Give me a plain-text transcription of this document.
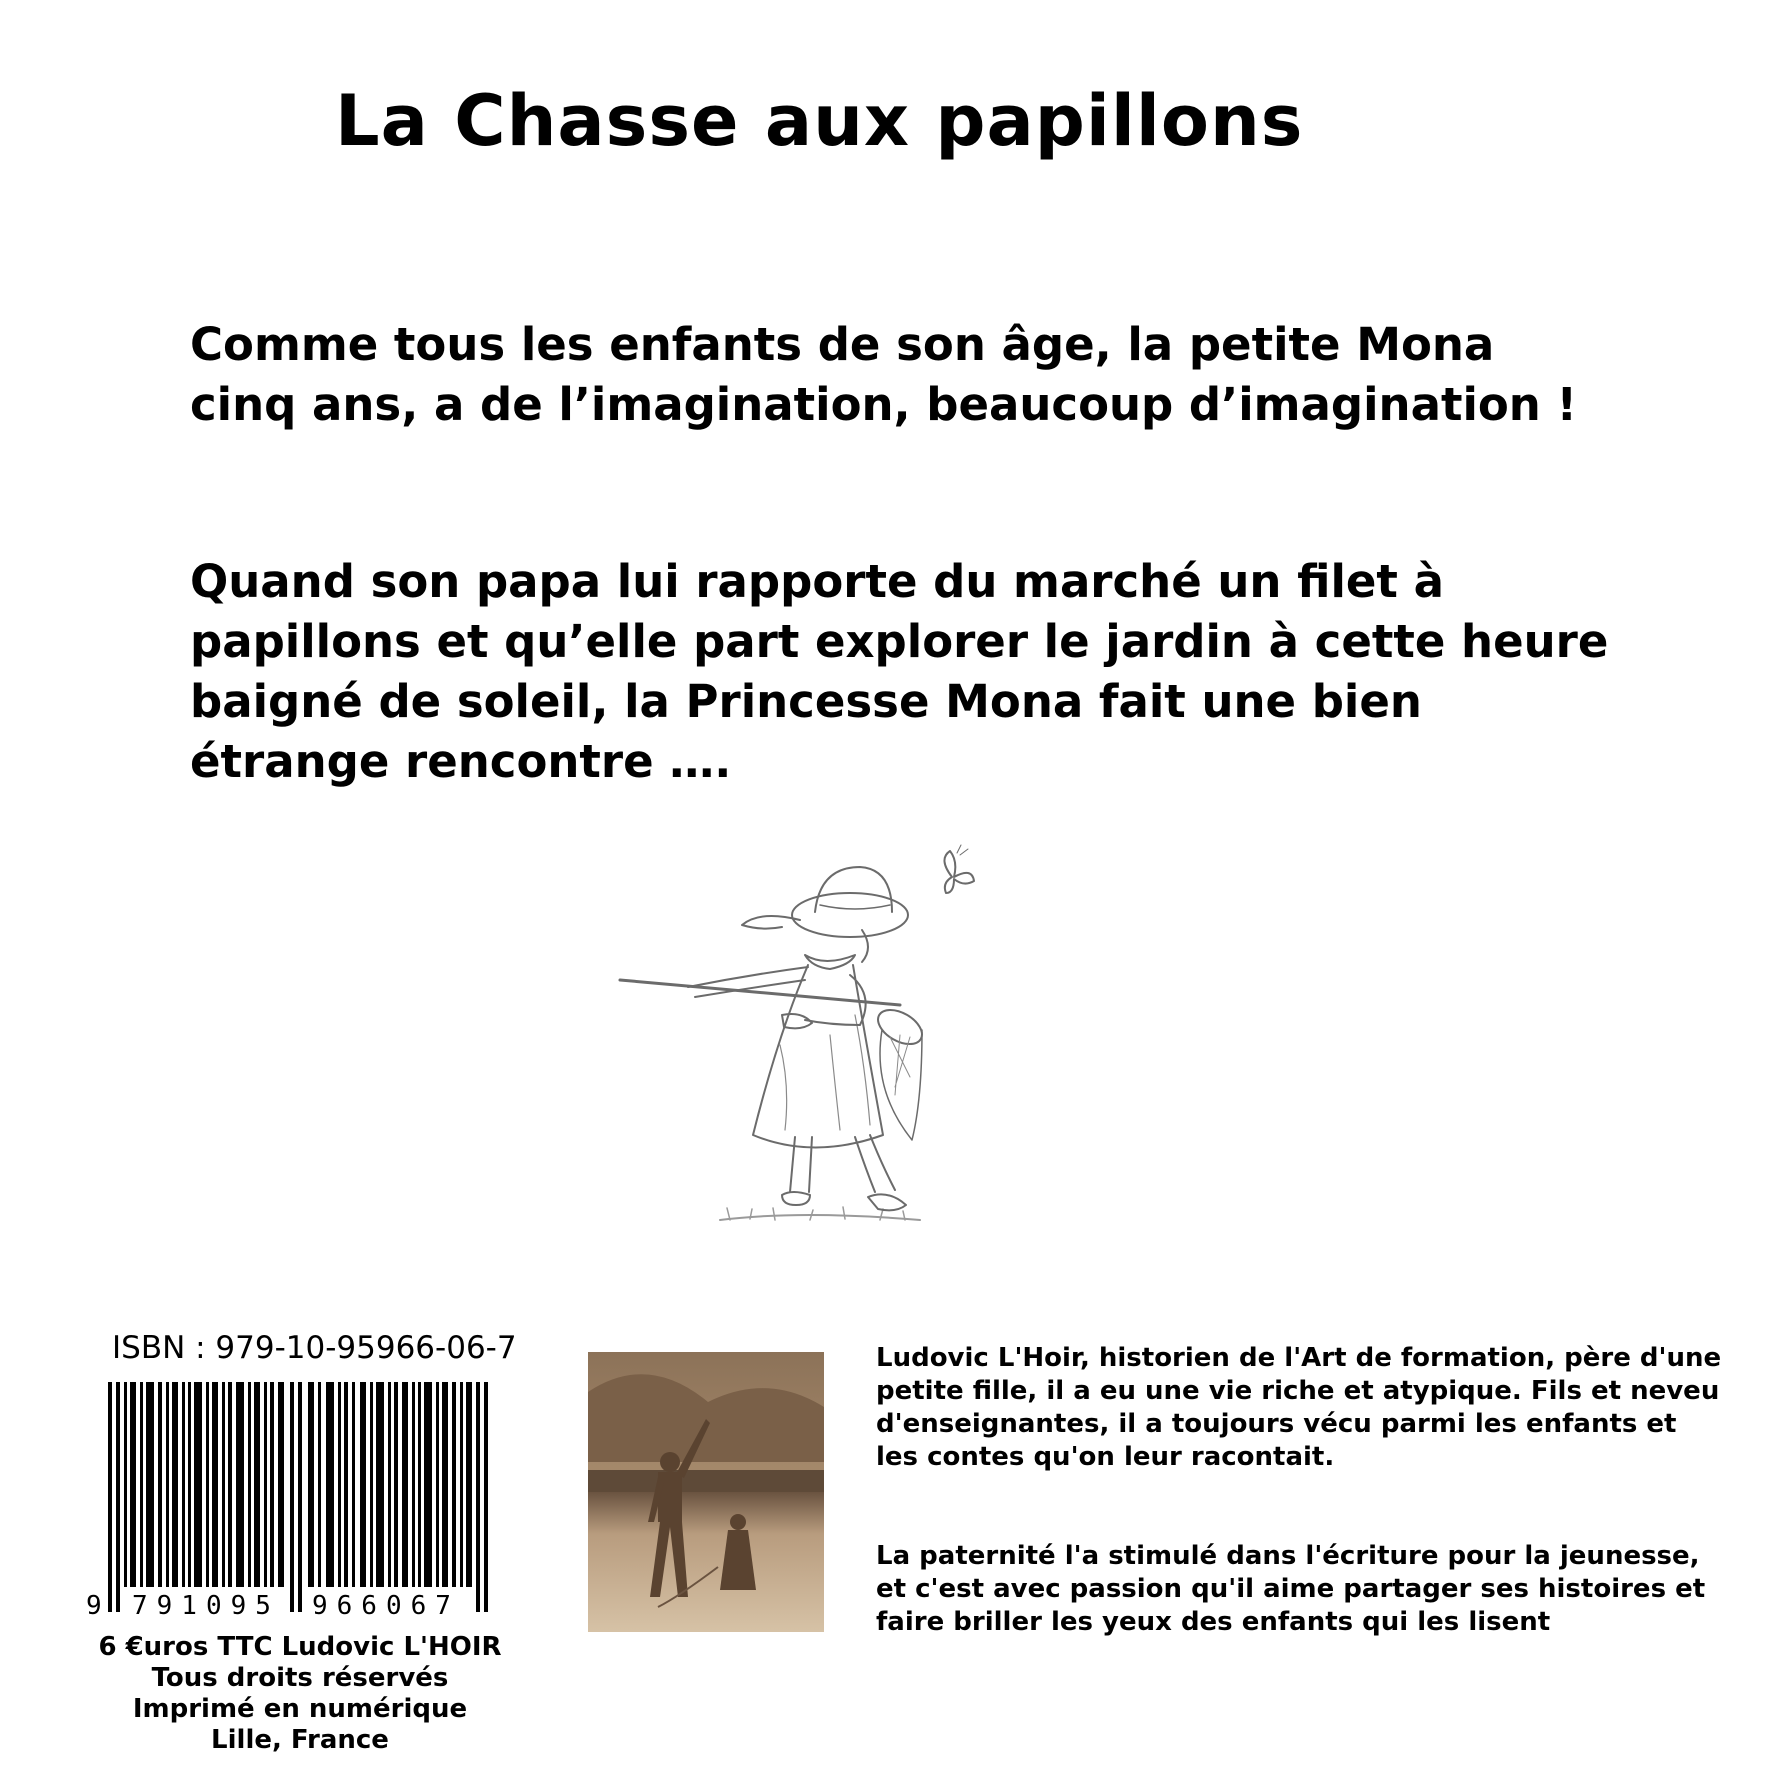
La Chasse aux papillons

Comme tous les enfants de son âge, la petite Mona cinq ans, a de l’imagination, beaucoup d’imagination !

Quand son papa lui rapporte du marché un filet à papillons et qu’elle part explorer le jardin à cette heure baigné de soleil, la Princesse Mona fait une bien étrange rencontre ….

ISBN : 979-10-95966-06-7
9 791095 966067
6 €uros TTC Ludovic L'HOIR
Tous droits réservés
Imprimé en numérique
Lille, France

Ludovic L'Hoir, historien de l'Art de formation, père d'une petite fille, il a eu une vie riche et atypique. Fils et neveu d'enseignantes, il a toujours vécu parmi les enfants et les contes qu'on leur racontait.

La paternité l'a stimulé dans l'écriture pour la jeunesse, et c'est avec passion qu'il aime partager ses histoires et faire briller les yeux des enfants qui les lisent
